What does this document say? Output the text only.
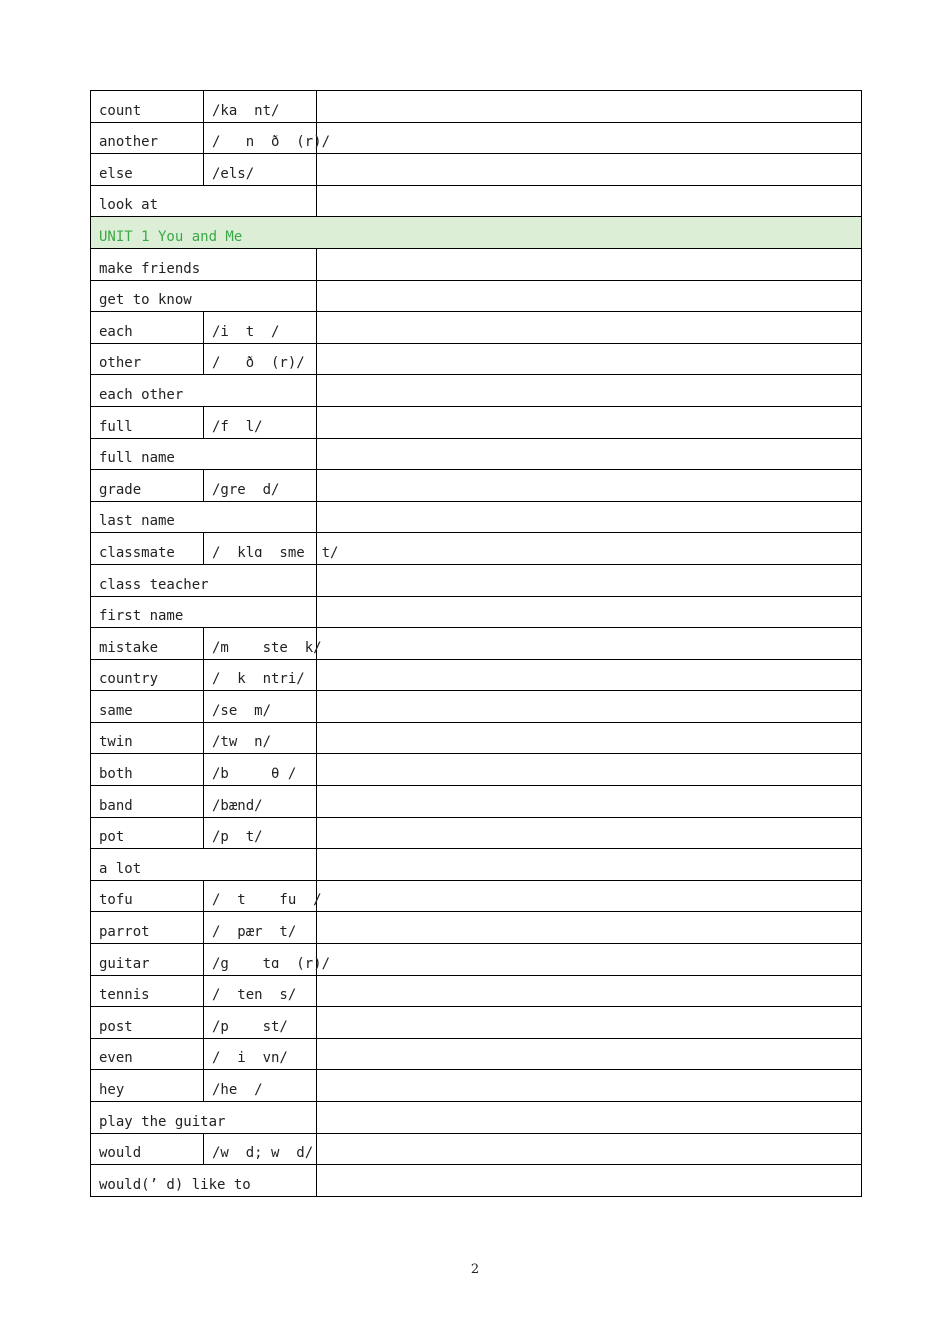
count	/ka  nt/	
another	/   n  ð  (r)/	
else	/els/	
look at		
UNIT 1 You and Me		
make friends		
get to know		
each	/i  t  /	
other	/   ð  (r)/	
each other		
full	/f  l/	
full name		
grade	/gre  d/	
last name		
classmate	/  klɑ  sme  t/	
class teacher		
first name		
mistake	/m    ste  k/	
country	/  k  ntri/	
same	/se  m/	
twin	/tw  n/	
both	/b     θ /	
band	/bænd/	
pot	/p  t/	
a lot		
tofu	/  t    fu  /	
parrot	/  pær  t/	
guitar	/g    tɑ  (r)/	
tennis	/  ten  s/	
post	/p    st/	
even	/  i  vn/	
hey	/he  /	
play the guitar		
would	/w  d; w  d/	
would(’ d) like to		
2
